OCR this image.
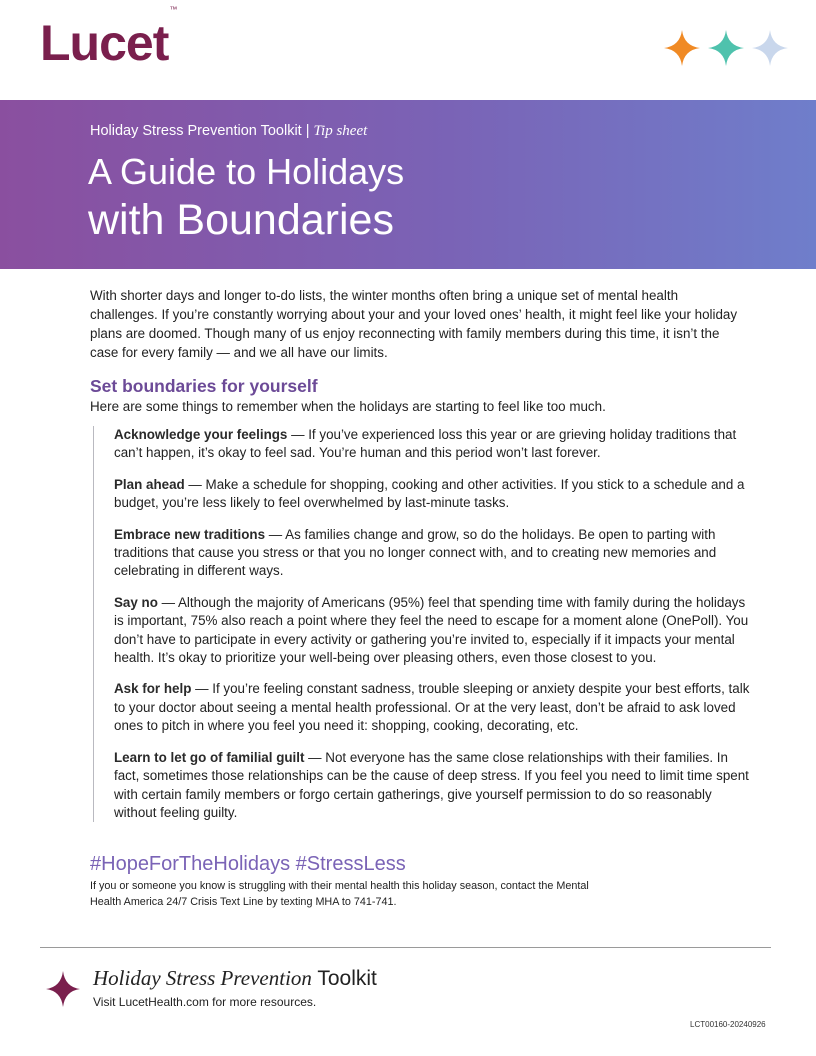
Lucet™
Holiday Stress Prevention Toolkit | Tip sheet
A Guide to Holidays
with Boundaries

With shorter days and longer to-do lists, the winter months often bring a unique set of mental health challenges. If you’re constantly worrying about your and your loved ones’ health, it might feel like your holiday plans are doomed. Though many of us enjoy reconnecting with family members during this time, it isn’t the case for every family — and we all have our limits.

Set boundaries for yourself

Here are some things to remember when the holidays are starting to feel like too much.

Acknowledge your feelings — If you’ve experienced loss this year or are grieving holiday traditions that can’t happen, it’s okay to feel sad. You’re human and this period won’t last forever.

Plan ahead — Make a schedule for shopping, cooking and other activities. If you stick to a schedule and a budget, you’re less likely to feel overwhelmed by last-minute tasks.

Embrace new traditions — As families change and grow, so do the holidays. Be open to parting with traditions that cause you stress or that you no longer connect with, and to creating new memories and celebrating in different ways.

Say no — Although the majority of Americans (95%) feel that spending time with family during the holidays is important, 75% also reach a point where they feel the need to escape for a moment alone (OnePoll). You don’t have to participate in every activity or gathering you’re invited to, especially if it impacts your mental health. It’s okay to prioritize your well-being over pleasing others, even those closest to you.

Ask for help — If you’re feeling constant sadness, trouble sleeping or anxiety despite your best efforts, talk to your doctor about seeing a mental health professional. Or at the very least, don’t be afraid to ask loved ones to pitch in where you feel you need it: shopping, cooking, decorating, etc.

Learn to let go of familial guilt — Not everyone has the same close relationships with their families. In fact, sometimes those relationships can be the cause of deep stress. If you feel you need to limit time spent with certain family members or forgo certain gatherings, give yourself permission to do so reasonably without feeling guilty.

#HopeForTheHolidays #StressLess

If you or someone you know is struggling with their mental health this holiday season, contact the Mental Health America 24/7 Crisis Text Line by texting MHA to 741-741.

Holiday Stress Prevention Toolkit
Visit LucetHealth.com for more resources.
LCT00160-20240926
